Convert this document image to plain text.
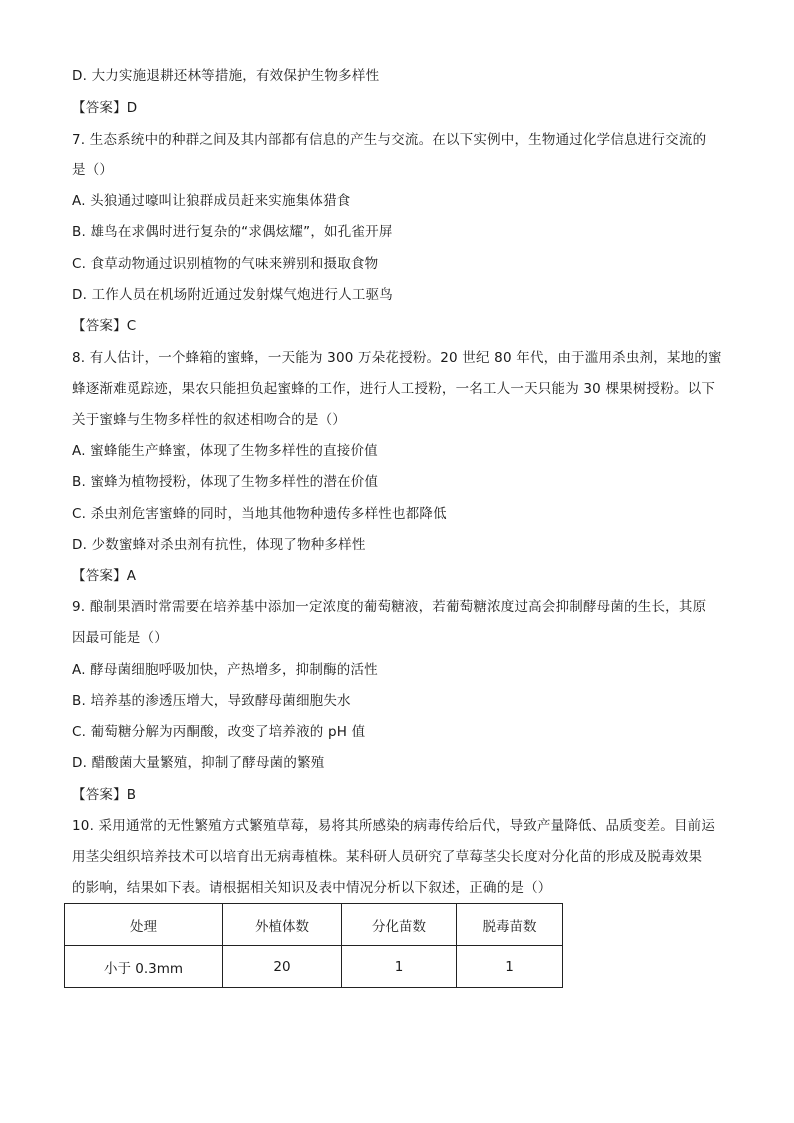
D. 大力实施退耕还林等措施，有效保护生物多样性
【答案】D
7. 生态系统中的种群之间及其内部都有信息的产生与交流。在以下实例中，生物通过化学信息进行交流的
是（）
A. 头狼通过嚎叫让狼群成员赶来实施集体猎食
B. 雄鸟在求偶时进行复杂的“求偶炫耀”，如孔雀开屏
C. 食草动物通过识别植物的气味来辨别和摄取食物
D. 工作人员在机场附近通过发射煤气炮进行人工驱鸟
【答案】C
8. 有人估计，一个蜂箱的蜜蜂，一天能为 300 万朵花授粉。20 世纪 80 年代，由于滥用杀虫剂，某地的蜜
蜂逐渐难觅踪迹，果农只能担负起蜜蜂的工作，进行人工授粉，一名工人一天只能为 30 棵果树授粉。以下
关于蜜蜂与生物多样性的叙述相吻合的是（）
A. 蜜蜂能生产蜂蜜，体现了生物多样性的直接价值
B. 蜜蜂为植物授粉，体现了生物多样性的潜在价值
C. 杀虫剂危害蜜蜂的同时，当地其他物种遗传多样性也都降低
D. 少数蜜蜂对杀虫剂有抗性，体现了物种多样性
【答案】A
9. 酿制果酒时常需要在培养基中添加一定浓度的葡萄糖液，若葡萄糖浓度过高会抑制酵母菌的生长，其原
因最可能是（）
A. 酵母菌细胞呼吸加快，产热增多，抑制酶的活性
B. 培养基的渗透压增大，导致酵母菌细胞失水
C. 葡萄糖分解为丙酮酸，改变了培养液的 pH 值
D. 醋酸菌大量繁殖，抑制了酵母菌的繁殖
【答案】B
10. 采用通常的无性繁殖方式繁殖草莓，易将其所感染的病毒传给后代，导致产量降低、品质变差。目前运
用茎尖组织培养技术可以培育出无病毒植株。某科研人员研究了草莓茎尖长度对分化苗的形成及脱毒效果
的影响，结果如下表。请根据相关知识及表中情况分析以下叙述，正确的是（）
处理	外植体数	分化苗数	脱毒苗数
小于 0.3mm	20	1	1
